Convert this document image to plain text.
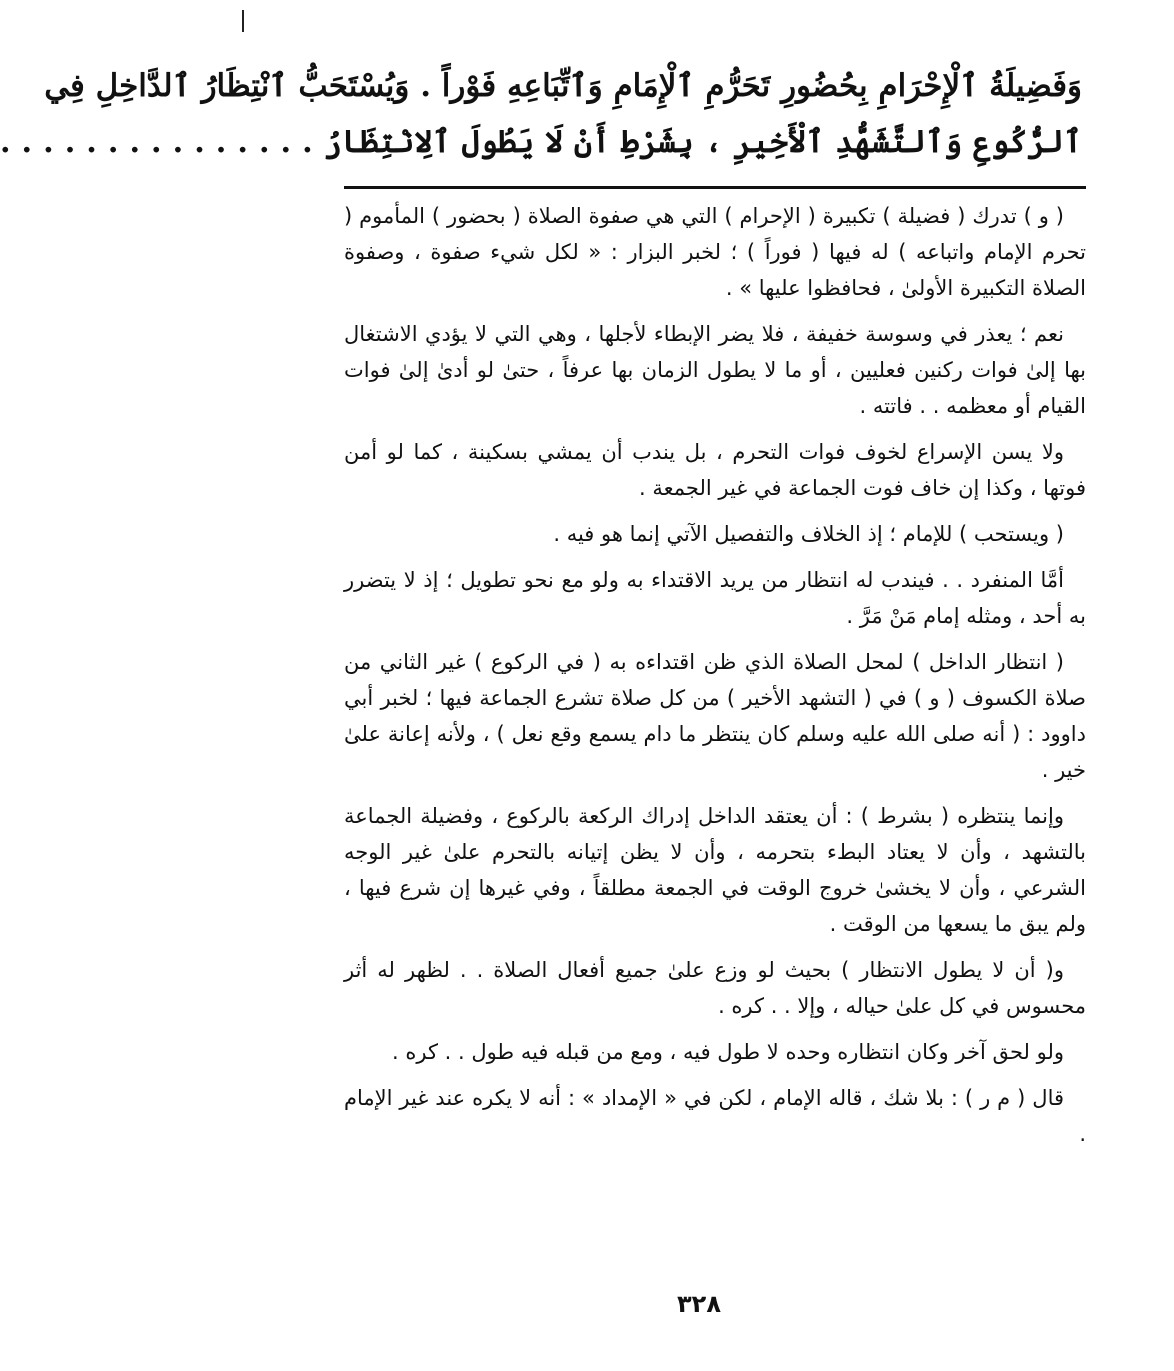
وَفَضِيلَةُ ٱلْإِحْرَامِ بِحُضُورِ تَحَرُّمِ ٱلْإِمَامِ وَٱتِّبَاعِهِ فَوْراً . وَيُسْتَحَبُّ ٱنْتِظَارُ ٱلدَّاخِلِ فِي
ٱلرُّكُوعِ وَٱلتَّشَهُّدِ ٱلْأَخِيرِ ، بِشَرْطِ أَنْ لَا يَطُولَ ٱلِانْتِظَارُ . . . . . . . . . . . . . . .

( و ) تدرك ( فضيلة ) تكبيرة ( الإحرام ) التي هي صفوة الصلاة ( بحضور ) المأموم ( تحرم الإمام واتباعه ) له فيها ( فوراً ) ؛ لخبر البزار : « لكل شيء صفوة ، وصفوة الصلاة التكبيرة الأولىٰ ، فحافظوا عليها » .

نعم ؛ يعذر في وسوسة خفيفة ، فلا يضر الإبطاء لأجلها ، وهي التي لا يؤدي الاشتغال بها إلىٰ فوات ركنين فعليين ، أو ما لا يطول الزمان بها عرفاً ، حتىٰ لو أدىٰ إلىٰ فوات القيام أو معظمه . . فاتته .

ولا يسن الإسراع لخوف فوات التحرم ، بل يندب أن يمشي بسكينة ، كما لو أمن فوتها ، وكذا إن خاف فوت الجماعة في غير الجمعة .

( ويستحب ) للإمام ؛ إذ الخلاف والتفصيل الآتي إنما هو فيه .

أمَّا المنفرد . . فيندب له انتظار من يريد الاقتداء به ولو مع نحو تطويل ؛ إذ لا يتضرر به أحد ، ومثله إمام مَنْ مَرَّ .

( انتظار الداخل ) لمحل الصلاة الذي ظن اقتداءه به ( في الركوع ) غير الثاني من صلاة الكسوف ( و ) في ( التشهد الأخير ) من كل صلاة تشرع الجماعة فيها ؛ لخبر أبي داوود : ( أنه صلى الله عليه وسلم كان ينتظر ما دام يسمع وقع نعل ) ، ولأنه إعانة علىٰ خير .

وإنما ينتظره ( بشرط ) : أن يعتقد الداخل إدراك الركعة بالركوع ، وفضيلة الجماعة بالتشهد ، وأن لا يعتاد البطء بتحرمه ، وأن لا يظن إتيانه بالتحرم علىٰ غير الوجه الشرعي ، وأن لا يخشىٰ خروج الوقت في الجمعة مطلقاً ، وفي غيرها إن شرع فيها ، ولم يبق ما يسعها من الوقت .

و( أن لا يطول الانتظار ) بحيث لو وزع علىٰ جميع أفعال الصلاة . . لظهر له أثر محسوس في كل علىٰ حياله ، وإلا . . كره .

ولو لحق آخر وكان انتظاره وحده لا طول فيه ، ومع من قبله فيه طول . . كره .

قال ( م ر ) : بلا شك ، قاله الإمام ، لكن في « الإمداد » : أنه لا يكره عند غير الإمام .

٣٢٨
